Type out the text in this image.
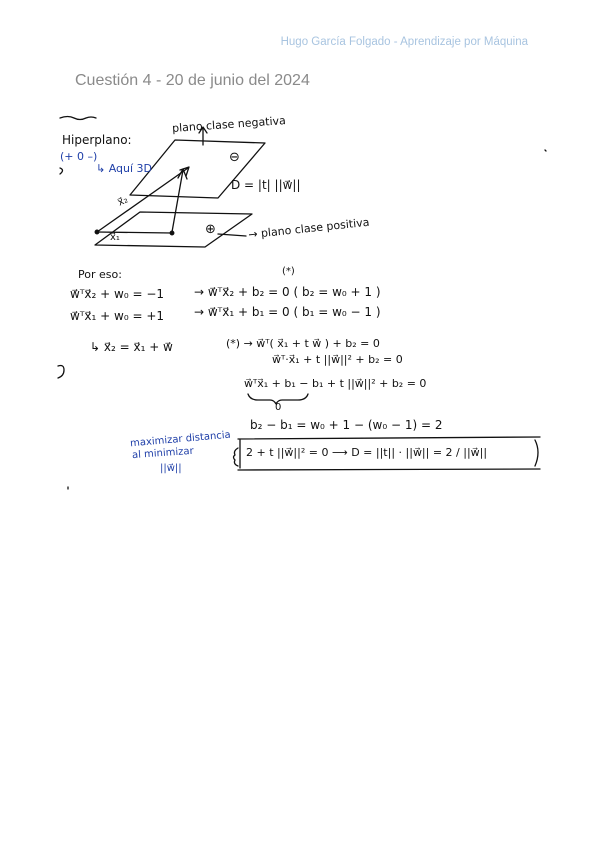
Hugo García Folgado - Aprendizaje por Máquina
Cuestión 4 - 20 de junio del 2024
Hiperplano:
(+ 0 –)
↳ Aquí 3D
plano clase negativa
⊖
D = |t| ||w⃗||
x⃗₂
x⃗₁
⊕	→ plano clase positiva
Por eso:	(*)
w⃗ᵀx⃗₂ + w₀ = −1 → w⃗ᵀx⃗₂ + b₂ = 0 ( b₂ = w₀ + 1 )
w⃗ᵀx⃗₁ + w₀ = +1 → w⃗ᵀx⃗₁ + b₁ = 0 ( b₁ = w₀ − 1 )
↳ x⃗₂ = x⃗₁ + w⃗	(*) → w⃗ᵀ( x⃗₁ + t w⃗ ) + b₂ = 0
w⃗ᵀ·x⃗₁ + t ||w⃗||² + b₂ = 0
w⃗ᵀx⃗₁ + b₁ − b₁ + t ||w⃗||² + b₂ = 0
0
b₂ − b₁ = w₀ + 1 − (w₀ − 1) = 2
2 + t ||w⃗||² = 0 ⟶ D = ||t|| · ||w⃗|| = 2 / ||w⃗||
maximizar distancia
al minimizar
||w⃗||
